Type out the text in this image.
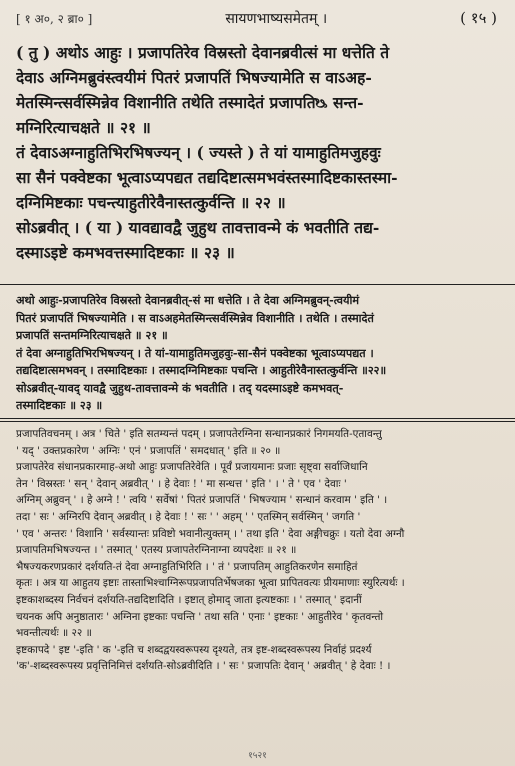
[ १ अ०, २ ब्रा० ]	सायणभाष्यसमेतम् ।	( १५ )
( तु ) अथोऽ आहुः । प्रजापतिरेव विस्रस्तो देवानब्रवीत्सं मा धत्तेति ते
देवाऽ अग्निमब्रुवंस्त्वयीमं पितरं प्रजापतिं भिषज्यामेति स वाऽअह-
मेतस्मिन्त्सर्वस्मिन्नेव विशानीति तथेति तस्मादेतं प्रजापतिᳬ सन्त-
मग्निरित्याचक्षते ॥ २१ ॥
तं देवाऽअग्नाहुतिभिरभिषज्यन् । ( ज्यस्ते ) ते यां यामाहुतिमजुहवुः
सा सैनं पक्वेष्टका भूत्वाऽप्यपद्यत तद्यदिष्टात्समभवंस्तस्मादिष्टकास्तस्मा-
दग्निमिष्टकाः पचन्त्याहुतीरेवैनास्तत्कुर्वन्ति ॥ २२ ॥
सोऽब्रवीत् । ( या ) यावद्यावद्वै जुहुथ तावत्तावन्मे कं भवतीति तद्य-
दस्माऽइष्टे कमभवत्तस्मादिष्टकाः ॥ २३ ॥
अथो आहुः-प्रजापतिरेव विस्रस्तो देवानब्रवीत्-सं मा धत्तेति । ते देवा अग्निमब्रुवन्-त्वयीमं
पितरं प्रजापतिं भिषज्यामेति । स वाऽअहमेतस्मिन्त्सर्वस्मिन्नेव विशानीति । तथेति । तस्मादेतं
प्रजापतिं सन्तमग्निरित्याचक्षते ॥ २१ ॥
तं देवा अग्नाहुतिभिरभिषज्यन् । ते यां-यामाहुतिमजुहवुः-सा-सैनं पक्वेष्टका भूत्वाऽप्यपद्यत ।
तद्यदिष्टात्समभवन् । तस्मादिष्टकाः । तस्मादग्निमिष्टकाः पचन्ति । आहुतीरेवैनास्तत्कुर्वन्ति ॥२२॥
सोऽब्रवीत्-यावद् यावद्वै जुहुथ-तावत्तावन्मे कं भवतीति । तद् यदस्माऽइष्टे कमभवत्-
तस्मादिष्टकाः ॥ २३ ॥
प्रजापतिवचनम् । अत्र ' चिते ' इति सतम्यन्तं पदम् । प्रजापतेरग्निना सन्धानप्रकारं निगमयति-एतावन्तु
' यद् ' उक्तप्रकारेण ' अग्निः ' एनं ' प्रजापतिं ' समदधात् ' इति ॥ २० ॥
प्रजापतेरेव संधानप्रकारमाह-अथो आहुः प्रजापतिरेवेति । पूर्वं प्रजायमानः प्रजाः सृष्ट्वा सर्वाजिधानि
तेन ' विस्रस्तः ' सन् ' देवान् अब्रवीत् ' । हे देवाः ! ' मा सन्धत्त ' इति ' । ' ते ' एव ' देवाः '
अग्निम् अब्रुवन् ' । हे अग्ने ! ' त्वयि ' सर्वेषां ' पितरं प्रजापतिं ' भिषज्याम ' सन्धानं करवाम ' इति ' ।
तदा ' सः ' अग्निरपि देवान् अब्रवीत् । हे देवाः ! ' सः ' ' अहम् ' ' एतस्मिन् सर्वस्मिन् ' जगति '
' एव ' अन्तरः ' विशानि ' सर्वस्यान्तः प्रविष्टो भवानीत्युक्तम् । ' तथा इति ' देवा अङ्गीचक्रुः । यतो देवा अग्नौ
प्रजापतिमभिषज्यन्त । ' तस्मात् ' एतस्य प्रजापतेरग्निनाग्ना व्यपदेशः ॥ २१ ॥
भैषज्यकरणप्रकारं दर्शयति-तं देवा अग्नाहुतिभिरिति । ' तं ' प्रजापतिम् आहुतिकरणेन समाहितं
कृतः । अत्र या आहुतय इष्टाः तास्ताभिश्चाग्निरूपप्रजापतिर्भेषजका भूत्वा प्रापितवत्यः प्रीयमाणाः स्युरित्यर्थः ।
इष्टकाशब्दस्य निर्वचनं दर्शयति-तद्यदिष्टादिति । इष्टात् होमाद् जाता इत्यष्टकाः । ' तस्मात् ' इदानीं
चयनक अपि अनुष्ठातारः ' अग्निना इष्टकाः पचन्ति ' तथा सति ' एनाः ' इष्टकाः ' आहुतीरेव ' कृतवन्तो
भवन्तीत्यर्थः ॥ २२ ॥
इष्टकापदे ' इष्ट '-इति ' क '-इति च शब्दद्वयस्वरूपस्य दृश्यते, तत्र इष्ट-शब्दस्वरूपस्य निर्वाहं प्रदर्श्य
'क'-शब्दस्वरूपस्य प्रवृत्तिनिमित्तं दर्शयति-सोऽब्रवीदिति । ' सः ' प्रजापतिः देवान् ' अब्रवीत् ' हे देवाः ! ।
१५२१
